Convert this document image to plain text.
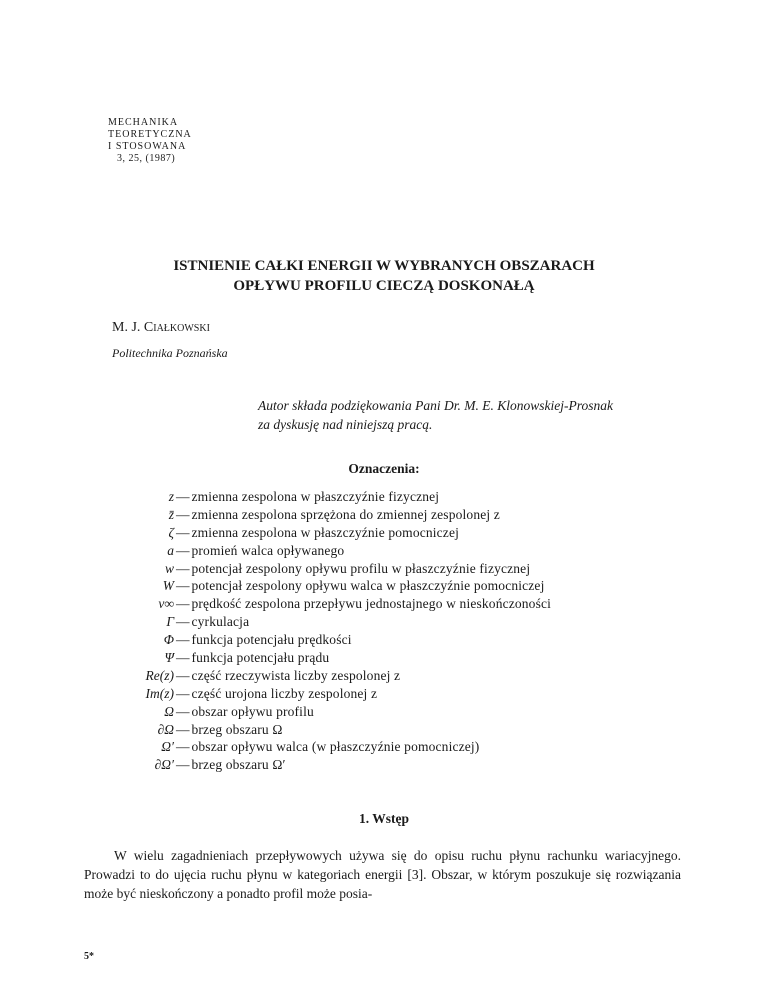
MECHANIKA
TEORETYCZNA
I STOSOWANA
3, 25, (1987)
ISTNIENIE CAŁKI ENERGII W WYBRANYCH OBSZARACH
OPŁYWU PROFILU CIECZĄ DOSKONAŁĄ
M. J. Ciałkowski
Politechnika Poznańska
Autor składa podziękowania Pani Dr. M. E. Klonowskiej-Prosnak
za dyskusję nad niniejszą pracą.
Oznaczenia:
z — zmienna zespolona w płaszczyźnie fizycznej
z̄ — zmienna zespolona sprzężona do zmiennej zespolonej z
ζ — zmienna zespolona w płaszczyźnie pomocniczej
a — promień walca opływanego
w — potencjał zespolony opływu profilu w płaszczyźnie fizycznej
W — potencjał zespolony opływu walca w płaszczyźnie pomocniczej
v∞ — prędkość zespolona przepływu jednostajnego w nieskończoności
Γ — cyrkulacja
Φ — funkcja potencjału prędkości
Ψ — funkcja potencjału prądu
Re(z) — część rzeczywista liczby zespolonej z
Im(z) — część urojona liczby zespolonej z
Ω — obszar opływu profilu
∂Ω — brzeg obszaru Ω
Ω′ — obszar opływu walca (w płaszczyźnie pomocniczej)
∂Ω′ — brzeg obszaru Ω′
1. Wstęp

W wielu zagadnieniach przepływowych używa się do opisu ruchu płynu rachunku wariacyjnego. Prowadzi to do ujęcia ruchu płynu w kategoriach energii [3]. Obszar, w którym poszukuje się rozwiązania może być nieskończony a ponadto profil może posia-

5*
